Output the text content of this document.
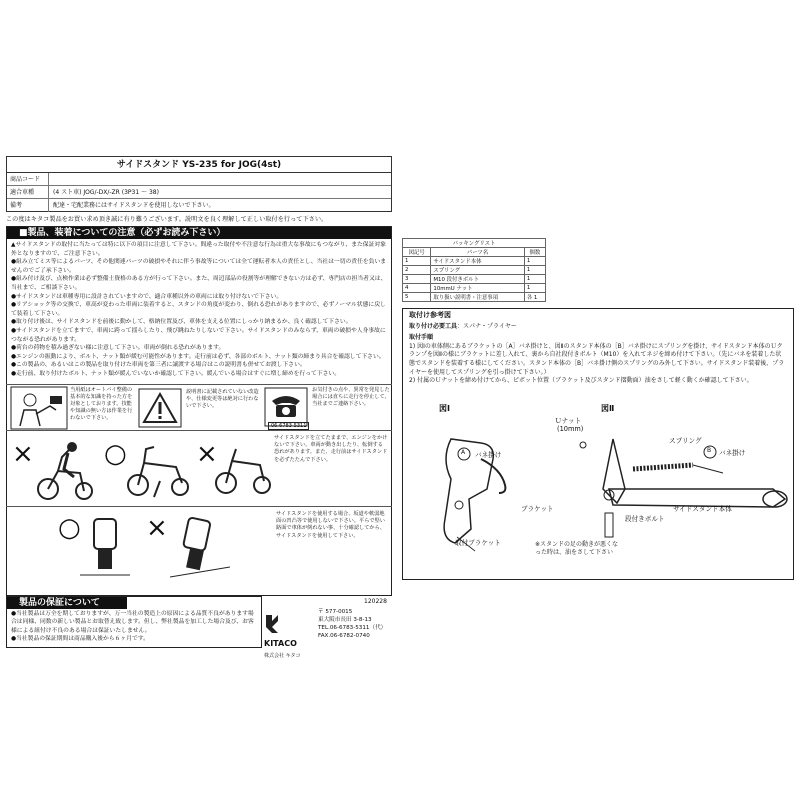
サイドスタンド YS-235 for JOG(4st)
商品コード
適合車種	(4 スト車) JOG/-DX/-ZR (3P31 ～ 38)
備考	配達・宅配業務にはサイドスタンドを使用しないで下さい。
この度はキタコ製品をお買い求め頂き誠に有り難うございます。説明文を良く理解して正しい取付を行って下さい。
■製品、装着についての注意（必ずお読み下さい）

▲サイドスタンドの取付に当たっては特に以下の項目に注意して下さい。間違った取付や不注意な行為は重大な事故にもつながり、また保証対象外となりますので、ご注意下さい。

●組み立てミス等によるパーツ、その他関連パーツの破損やそれに伴う事故等については全て運転者本人の責任とし、当社は一切の責任を負いませんのでご了承下さい。

●組み付け及び、点検作業は必ず整備士資格のある方が行って下さい。また、周辺部品の役割等が理解できない方は必ず、専門店の担当者又は、当社まで、ご相談下さい。

●サイドスタンドは車種専用に設計されていますので、適合車種以外の車両には取り付けないで下さい。

●リアショック等の交換で、車高が変わった車両に装着すると、スタンドの角度が変わり、倒れる恐れがありますので、必ずノーマル状態に戻して装着して下さい。

●取り付け後は、サイドスタンドを前後に動かして、格納位置及び、車体を支える位置にしっかり納まるか、良く確認して下さい。

●サイドスタンドを立てますで、車両に跨って揺らしたり、飛び跳ねたりしないで下さい。サイドスタンドのみならず、車両の破損や人身事故につながる恐れがあります。

●荷台の荷物を積み過ぎない様に注意して下さい。車両が倒れる恐れがあります。

●エンジンの振動により、ボルト、ナット類が緩む可能性があります。走行前は必ず、各部のボルト、ナット類の締まり具合を確認して下さい。

●この製品の、あるいはこの製品を取り付けた車両を第三者に譲渡する場合はこの説明書も併せてお渡し下さい。

●走行前、取り付けたボルト、ナット類が緩んでいないか確認して下さい。緩んでいる場合はすぐに増し締めを行って下さい。

当用紙はオートバイ整備の基本的な知識を持った方を対象としております。技能や知識の無い方は作業を行わないで下さい。
説明書に記載されていない改造や、仕様変更等は絶対に行わないで下さい。
06-6783-5311
お気付きの点や、異常を発見した場合には直ちに走行を停止して、当社までご連絡下さい。
×	○	×
サイドスタンドを立てたままで、エンジンをかけないで下さい。車両が動き出したり、転倒する恐れがあります。また、走行前はサイドスタンドを必ずたたんで下さい。
○	×	サイドスタンドを使用する場合、坂道や軟弱地面の凹凸等で使用しないで下さい。平らで堅い路面で車体が倒れない事、十分確認してから、サイドスタンドを使用して下さい。
製品の保証について

●当社製品は万全を期しておりますが、万一当社の製造上の原因による品質不良があります場合は同様、同数の新しい製品とお取替え致します。但し、弊社製品を加工した場合及び、お客様による組付け不良のある場合は保証いたしません。

●当社製品の保証期間は商品購入後から６ヶ月です。

120228
KITACO
株式会社 キタコ
〒 577-0015
東大阪市長田 3-8-13
TEL.06-6783-5311（代）
FAX.06-6782-0740
パッキングリスト		
図記号	パーツ名	個数
1	サイドスタンド本体	1
2	スプリング	1
3	M10 段付きボルト	1
4	10mmU ナット	1
5	取り扱い説明書・注意事項	各 1
取付け参考図
取り付け必要工具：スパナ・プライヤー
取付手順

1) 図Ⅰの車体側にあるブラケットの［A］バネ掛けと、図Ⅱのスタンド本体の［B］バネ掛けにスプリングを掛け、サイドスタンド本体のＵクランプを図Ⅱの様にブラケットに差し入れて、裏から自社段付きボルト（M10）を入れてネジを締め付けて下さい。（先にバネを装着した状態でスタンドを装着する様にしてください。スタンド本体の［B］バネ掛け側のスプリングのみ外して下さい。サイドスタンド装着後、プライヤーを使用してスプリングを引っ掛けて下さい。）

2) 付属のＵナットを締め付けてから、ピボット位置（ブラケット及びスタンド摺動面）油をさして軽く動くか確認して下さい。

図Ⅰ	図Ⅱ
A バネ掛け
取付ブラケット
B バネ掛け
Ｕナット
(10mm)
スプリング
サイドスタンド本体
ブラケット
段付きボルト
※スタンドの足の動きが悪くなった時は、油をさして下さい
